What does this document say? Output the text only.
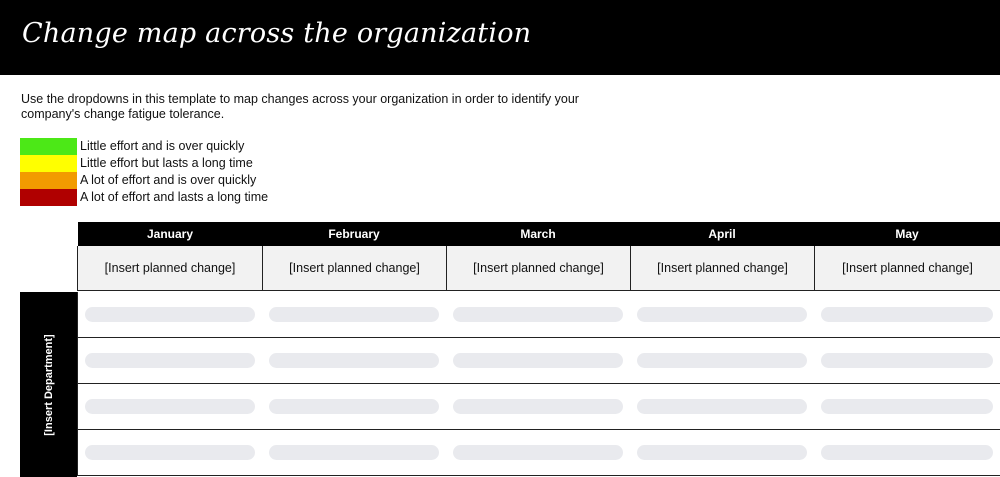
Change map across the organization
Use the dropdowns in this template to map changes across your organization in order to identify your
company's change fatigue tolerance.
Little effort and is over quickly
Little effort but lasts a long time
A lot of effort and is over quickly
A lot of effort and lasts a long time
January	February	March	April	May
[Insert planned change]	[Insert planned change]	[Insert planned change]	[Insert planned change]	[Insert planned change]
[Insert Department]
